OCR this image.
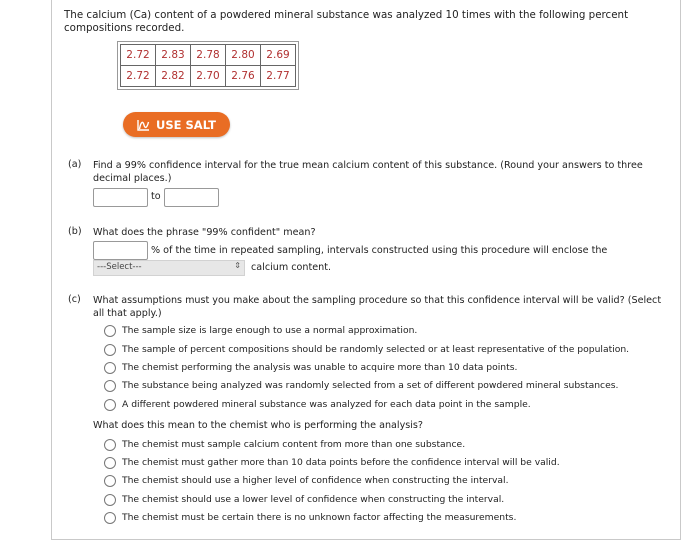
The calcium (Ca) content of a powdered mineral substance was analyzed 10 times with the following percent compositions recorded.
2.72	2.83	2.78	2.80	2.69
2.72	2.82	2.70	2.76	2.77
USE SALT
(a) Find a 99% confidence interval for the true mean calcium content of this substance. (Round your answers to three decimal places.)
to
(b) What does the phrase "99% confident" mean?
% of the time in repeated sampling, intervals constructed using this procedure will enclose the
---Select---	⇕ calcium content.
(c) What assumptions must you make about the sampling procedure so that this confidence interval will be valid? (Select all that apply.)
The sample size is large enough to use a normal approximation.
The sample of percent compositions should be randomly selected or at least representative of the population.
The chemist performing the analysis was unable to acquire more than 10 data points.
The substance being analyzed was randomly selected from a set of different powdered mineral substances.
A different powdered mineral substance was analyzed for each data point in the sample.
What does this mean to the chemist who is performing the analysis?
The chemist must sample calcium content from more than one substance.
The chemist must gather more than 10 data points before the confidence interval will be valid.
The chemist should use a higher level of confidence when constructing the interval.
The chemist should use a lower level of confidence when constructing the interval.
The chemist must be certain there is no unknown factor affecting the measurements.
